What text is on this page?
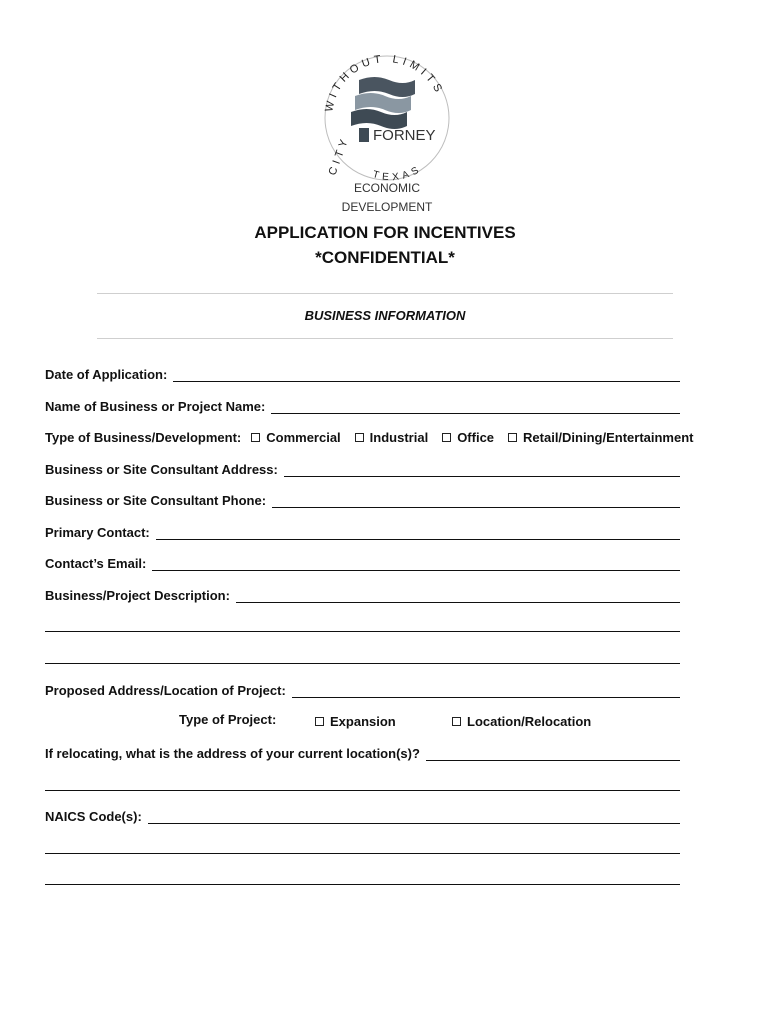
WITHOUT LIMITS
CITY FORNEY
TEXAS
ECONOMIC
DEVELOPMENT
APPLICATION FOR INCENTIVES
*CONFIDENTIAL*
BUSINESS INFORMATION
Date of Application:
Name of Business or Project Name:
Type of Business/Development: Commercial Industrial Office Retail/Dining/Entertainment
Business or Site Consultant Address:
Business or Site Consultant Phone:
Primary Contact:
Contact’s Email:
Business/Project Description:
Proposed Address/Location of Project:
Type of Project:	Expansion	Location/Relocation
If relocating, what is the address of your current location(s)?
NAICS Code(s):
